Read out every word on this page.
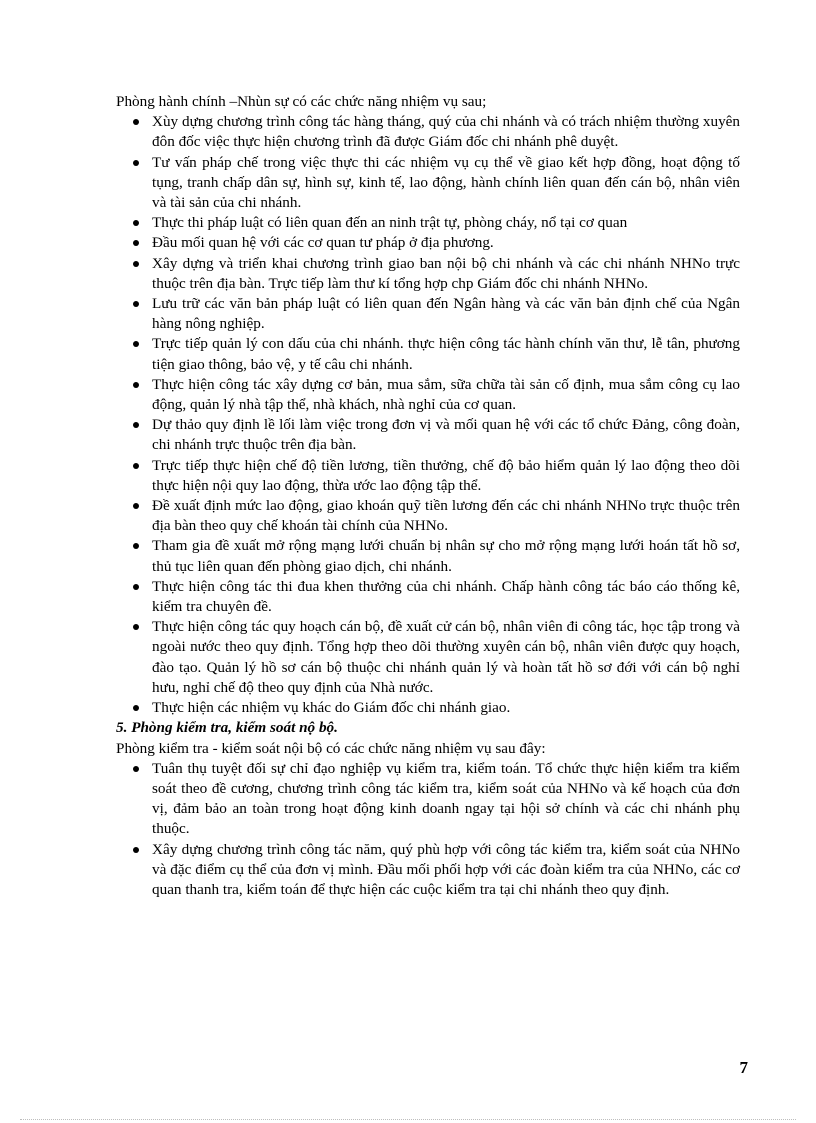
Phòng hành chính –Nhùn sự có các chức năng nhiệm vụ sau;

Xùy dựng chương trình công tác hàng tháng, quý của chi nhánh và có trách nhiệm thường xuyên đôn đốc việc thực hiện chương trình đã được Giám đốc chi nhánh phê duyệt.
Tư vấn pháp chế trong việc thực thi các nhiệm vụ cụ thể về giao kết hợp đồng, hoạt động tố tụng, tranh chấp dân sự, hình sự, kinh tế, lao động, hành chính liên quan đến cán bộ, nhân viên và tài sản của chi nhánh.
Thực thi pháp luật có liên quan đến an ninh trật tự, phòng cháy, nổ tại cơ quan
Đầu mối quan hệ với các cơ quan tư pháp ở địa phương.
Xây dựng và triển khai chương trình giao ban nội bộ chi nhánh và các chi nhánh NHNo trực thuộc trên địa bàn. Trực tiếp làm thư kí tổng hợp chp Giám đốc chi nhánh NHNo.
Lưu trữ các văn bản pháp luật có liên quan đến Ngân hàng và các văn bản định chế của Ngân hàng nông nghiệp.
Trực tiếp quản lý con dấu của chi nhánh. thực hiện công tác hành chính văn thư, lễ tân, phương tiện giao thông, bảo vệ, y tế câu chi nhánh.
Thực hiện công tác xây dựng cơ bản, mua sắm, sữa chữa tài sản cố định, mua sắm công cụ lao động, quản lý nhà tập thể, nhà khách, nhà nghỉ của cơ quan.
Dự thảo quy định lề lối làm việc trong đơn vị và mối quan hệ với các tổ chức Đảng, công đoàn, chi nhánh trực thuộc trên địa bàn.
Trực tiếp thực hiện chế độ tiền lương, tiền thưởng, chế độ bảo hiểm quản lý lao động theo dõi thực hiện nội quy lao động, thừa ước lao động tập thể.
Đề xuất định mức lao động, giao khoán quỹ tiền lương đến các chi nhánh NHNo trực thuộc trên địa bàn theo quy chế khoán tài chính của NHNo.
Tham gia đề xuất mở rộng mạng lưới chuẩn bị nhân sự cho mở rộng mạng lưới hoán tất hồ sơ, thủ tục liên quan đến phòng giao dịch, chi nhánh.
Thực hiện công tác thi đua khen thưởng của chi nhánh. Chấp hành công tác báo cáo thống kê, kiểm tra chuyên đề.
Thực hiện công tác quy hoạch cán bộ, đề xuất cử cán bộ, nhân viên đi công tác, học tập trong và ngoài nước theo quy định. Tổng hợp theo dõi thường xuyên cán bộ, nhân viên được quy hoạch, đào tạo. Quản lý hồ sơ cán bộ thuộc chi nhánh quản lý và hoàn tất hồ sơ đới với cán bộ nghỉ hưu, nghỉ chế độ theo quy định của Nhà nước.
Thực hiện các nhiệm vụ khác do Giám đốc chi nhánh giao.

5. Phòng kiểm tra, kiểm soát nộ bộ.

Phòng kiểm tra - kiểm soát nội bộ có các chức năng nhiệm vụ sau đây:

Tuân thụ tuyệt đối sự chỉ đạo nghiệp vụ kiểm tra, kiểm toán. Tổ chức thực hiện kiểm tra kiểm soát theo đề cương, chương trình công tác kiểm tra, kiểm soát của NHNo và kế hoạch của đơn vị, đảm bảo an toàn trong hoạt động kinh doanh ngay tại hội sở chính và các chi nhánh phụ thuộc.
Xây dựng chương trình công tác năm, quý phù hợp với công tác kiểm tra, kiểm soát của NHNo và đặc điểm cụ thể của đơn vị mình. Đầu mối phối hợp với các đoàn kiểm tra của NHNo, các cơ quan thanh tra, kiểm toán để thực hiện các cuộc kiểm tra tại chi nhánh theo quy định.
7
